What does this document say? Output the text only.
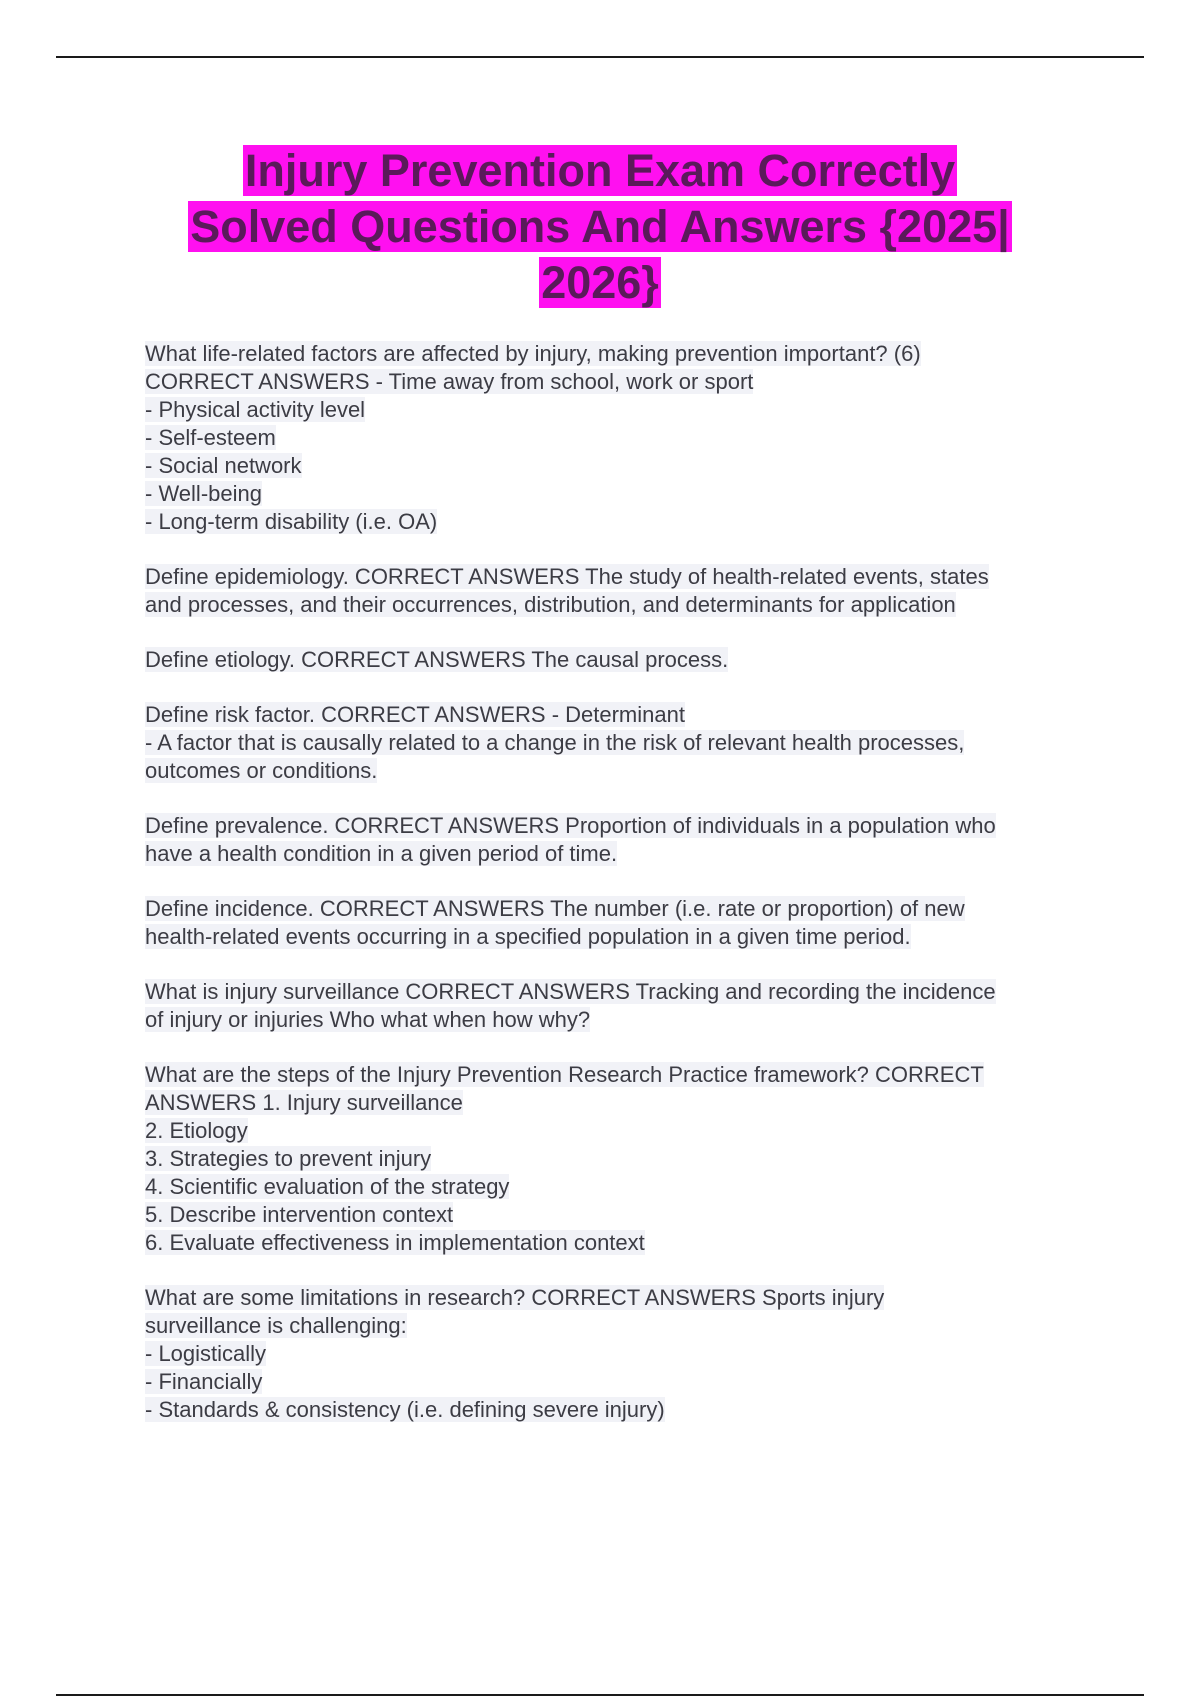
Injury Prevention Exam Correctly
Solved Questions And Answers {2025|
2026}
What life-related factors are affected by injury, making prevention important? (6)
CORRECT ANSWERS - Time away from school, work or sport
- Physical activity level
- Self-esteem
- Social network
- Well-being
- Long-term disability (i.e. OA)
Define epidemiology. CORRECT ANSWERS The study of health-related events, states
and processes, and their occurrences, distribution, and determinants for application
Define etiology. CORRECT ANSWERS The causal process.
Define risk factor. CORRECT ANSWERS - Determinant
- A factor that is causally related to a change in the risk of relevant health processes,
outcomes or conditions.
Define prevalence. CORRECT ANSWERS Proportion of individuals in a population who
have a health condition in a given period of time.
Define incidence. CORRECT ANSWERS The number (i.e. rate or proportion) of new
health-related events occurring in a specified population in a given time period.
What is injury surveillance CORRECT ANSWERS Tracking and recording the incidence
of injury or injuries Who what when how why?
What are the steps of the Injury Prevention Research Practice framework? CORRECT
ANSWERS 1. Injury surveillance
2. Etiology
3. Strategies to prevent injury
4. Scientific evaluation of the strategy
5. Describe intervention context
6. Evaluate effectiveness in implementation context
What are some limitations in research? CORRECT ANSWERS Sports injury
surveillance is challenging:
- Logistically
- Financially
- Standards & consistency (i.e. defining severe injury)
